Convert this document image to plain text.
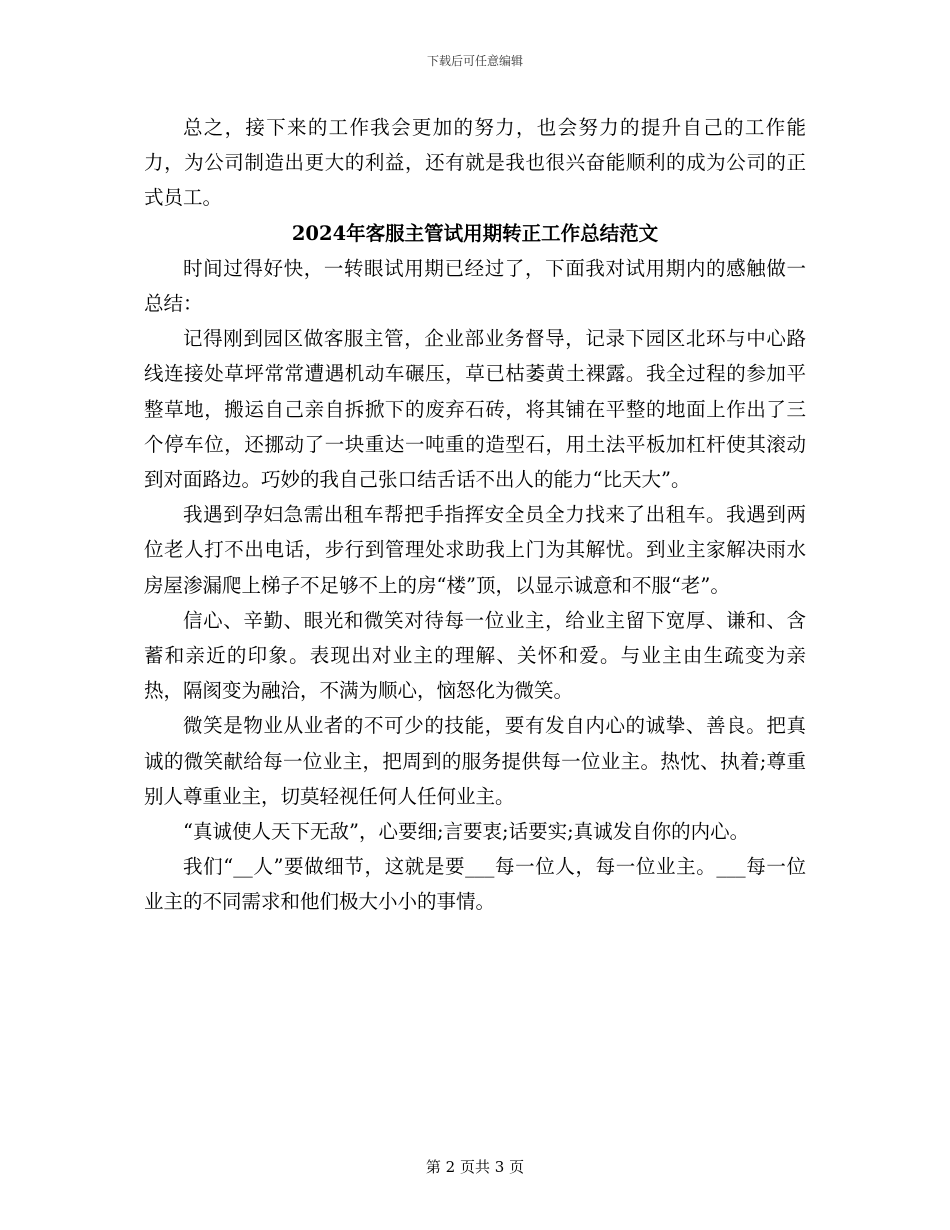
下载后可任意编辑

总之，接下来的工作我会更加的努力，也会努力的提升自己的工作能力，为公司制造出更大的利益，还有就是我也很兴奋能顺利的成为公司的正式员工。

2024年客服主管试用期转正工作总结范文

时间过得好快，一转眼试用期已经过了，下面我对试用期内的感触做一总结：

记得刚到园区做客服主管，企业部业务督导，记录下园区北环与中心路线连接处草坪常常遭遇机动车碾压，草已枯萎黄土裸露。我全过程的参加平整草地，搬运自己亲自拆掀下的废弃石砖，将其铺在平整的地面上作出了三个停车位，还挪动了一块重达一吨重的造型石，用土法平板加杠杆使其滚动到对面路边。巧妙的我自己张口结舌话不出人的能力“比天大”。

我遇到孕妇急需出租车帮把手指挥安全员全力找来了出租车。我遇到两位老人打不出电话，步行到管理处求助我上门为其解忧。到业主家解决雨水房屋渗漏爬上梯子不足够不上的房“楼”顶，以显示诚意和不服“老”。

信心、辛勤、眼光和微笑对待每一位业主，给业主留下宽厚、谦和、含蓄和亲近的印象。表现出对业主的理解、关怀和爱。与业主由生疏变为亲热，隔阂变为融洽，不满为顺心，恼怒化为微笑。

微笑是物业从业者的不可少的技能，要有发自内心的诚挚、善良。把真诚的微笑献给每一位业主，把周到的服务提供每一位业主。热忱、执着;尊重别人尊重业主，切莫轻视任何人任何业主。

“真诚使人天下无敌”，心要细;言要衷;话要实;真诚发自你的内心。

我们“__人”要做细节，这就是要___每一位人，每一位业主。___每一位业主的不同需求和他们极大小小的事情。

第 2 页共 3 页
